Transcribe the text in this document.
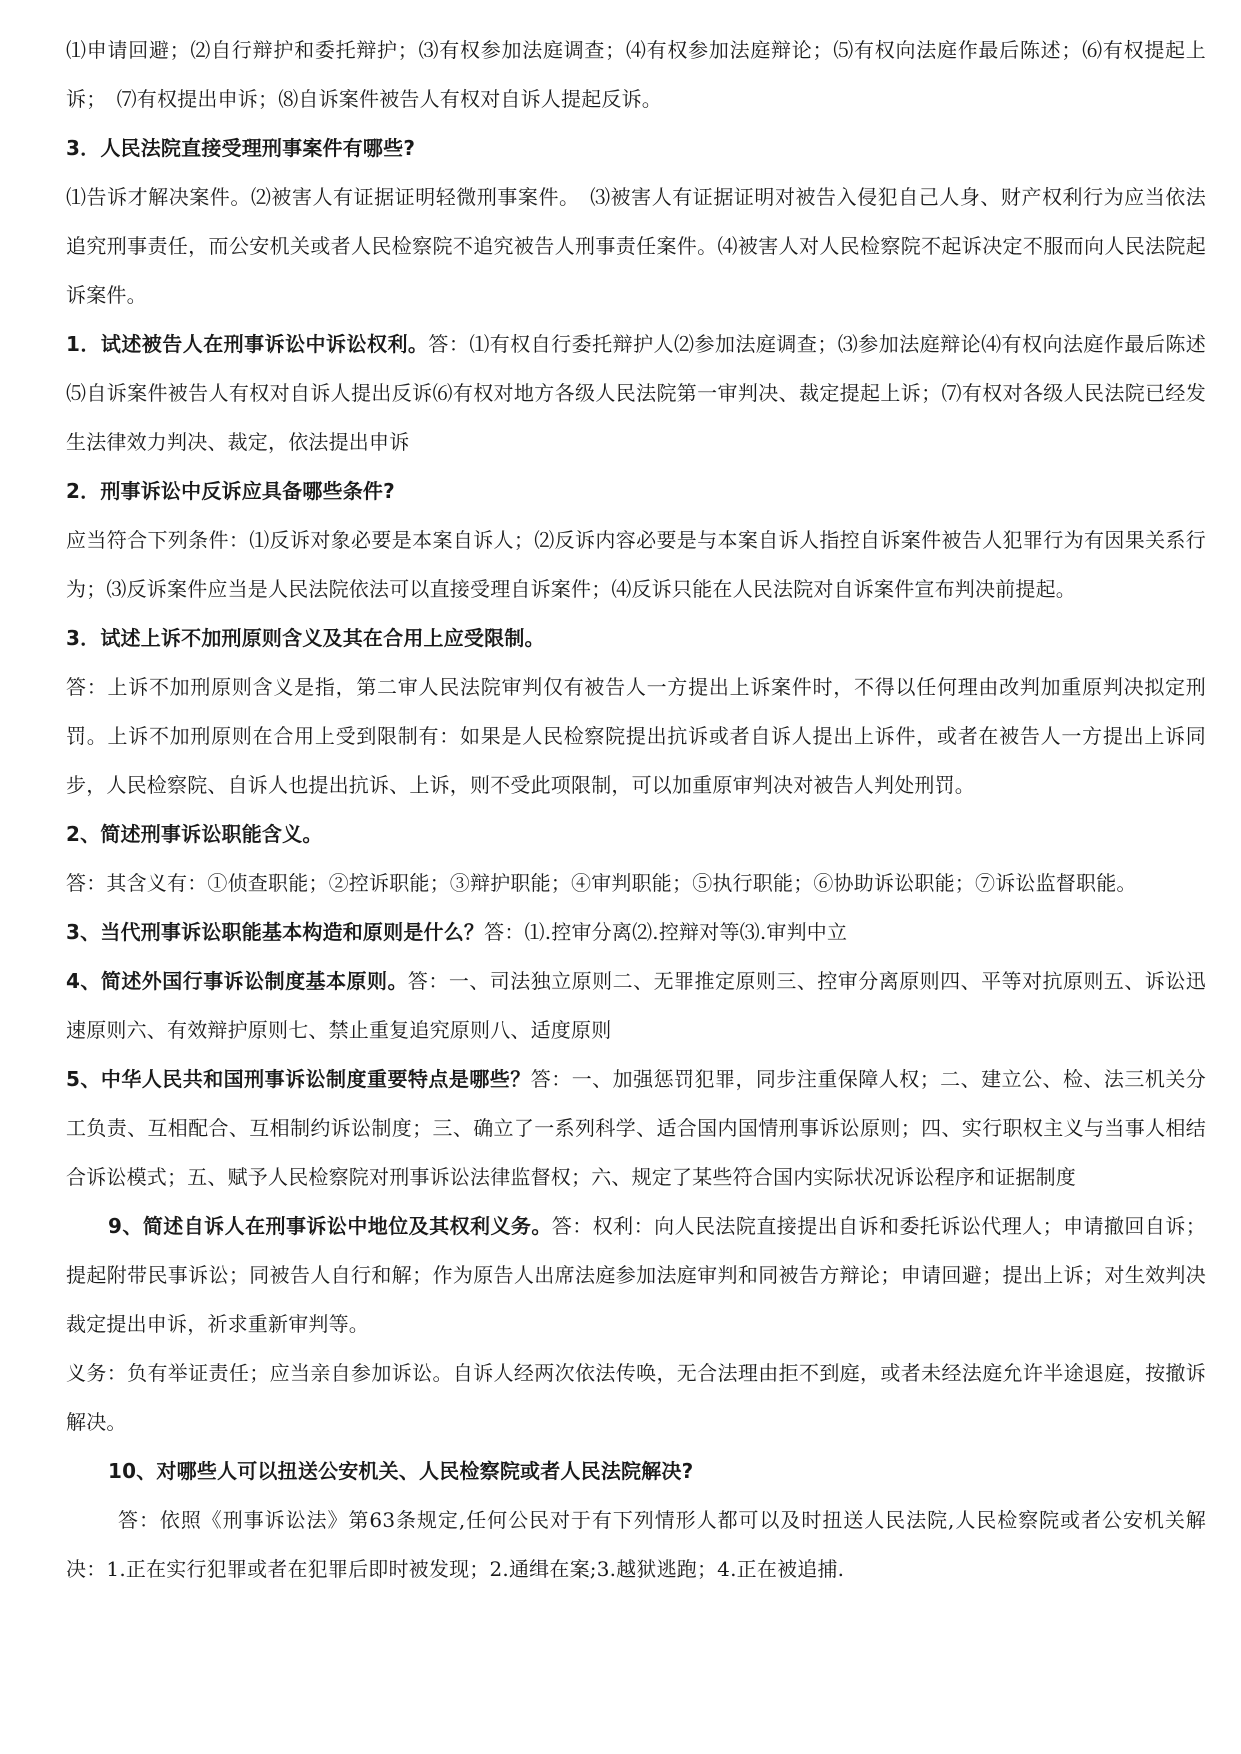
⑴申请回避；⑵自行辩护和委托辩护；⑶有权参加法庭调查；⑷有权参加法庭辩论；⑸有权向法庭作最后陈述；⑹有权提起上诉；　⑺有权提出申诉；⑻自诉案件被告人有权对自诉人提起反诉。

3．人民法院直接受理刑事案件有哪些?

⑴告诉才解决案件。⑵被害人有证据证明轻微刑事案件。　⑶被害人有证据证明对被告入侵犯自己人身、财产权利行为应当依法追究刑事责任，而公安机关或者人民检察院不追究被告人刑事责任案件。⑷被害人对人民检察院不起诉决定不服而向人民法院起诉案件。

1．试述被告人在刑事诉讼中诉讼权利。答：⑴有权自行委托辩护人⑵参加法庭调查；⑶参加法庭辩论⑷有权向法庭作最后陈述⑸自诉案件被告人有权对自诉人提出反诉⑹有权对地方各级人民法院第一审判决、裁定提起上诉；⑺有权对各级人民法院已经发生法律效力判决、裁定，依法提出申诉

2．刑事诉讼中反诉应具备哪些条件?

应当符合下列条件：⑴反诉对象必要是本案自诉人；⑵反诉内容必要是与本案自诉人指控自诉案件被告人犯罪行为有因果关系行为；⑶反诉案件应当是人民法院依法可以直接受理自诉案件；⑷反诉只能在人民法院对自诉案件宣布判决前提起。

3．试述上诉不加刑原则含义及其在合用上应受限制。

答：上诉不加刑原则含义是指，第二审人民法院审判仅有被告人一方提出上诉案件时，不得以任何理由改判加重原判决拟定刑罚。上诉不加刑原则在合用上受到限制有：如果是人民检察院提出抗诉或者自诉人提出上诉件，或者在被告人一方提出上诉同步，人民检察院、自诉人也提出抗诉、上诉，则不受此项限制，可以加重原审判决对被告人判处刑罚。

2、简述刑事诉讼职能含义。

答：其含义有：①侦查职能；②控诉职能；③辩护职能；④审判职能；⑤执行职能；⑥协助诉讼职能；⑦诉讼监督职能。

3、当代刑事诉讼职能基本构造和原则是什么？答：⑴.控审分离⑵.控辩对等⑶.审判中立

4、简述外国行事诉讼制度基本原则。答：一、司法独立原则二、无罪推定原则三、控审分离原则四、平等对抗原则五、诉讼迅速原则六、有效辩护原则七、禁止重复追究原则八、适度原则

5、中华人民共和国刑事诉讼制度重要特点是哪些？答：一、加强惩罚犯罪，同步注重保障人权；二、建立公、检、法三机关分工负责、互相配合、互相制约诉讼制度；三、确立了一系列科学、适合国内国情刑事诉讼原则；四、实行职权主义与当事人相结合诉讼模式；五、赋予人民检察院对刑事诉讼法律监督权；六、规定了某些符合国内实际状况诉讼程序和证据制度

9、简述自诉人在刑事诉讼中地位及其权利义务。答：权利：向人民法院直接提出自诉和委托诉讼代理人；申请撤回自诉；提起附带民事诉讼；同被告人自行和解；作为原告人出席法庭参加法庭审判和同被告方辩论；申请回避；提出上诉；对生效判决裁定提出申诉，祈求重新审判等。

义务：负有举证责任；应当亲自参加诉讼。自诉人经两次依法传唤，无合法理由拒不到庭，或者未经法庭允许半途退庭，按撤诉解决。

10、对哪些人可以扭送公安机关、人民检察院或者人民法院解决?

答：依照《刑事诉讼法》第63条规定,任何公民对于有下列情形人都可以及时扭送人民法院,人民检察院或者公安机关解决：1.正在实行犯罪或者在犯罪后即时被发现；2.通缉在案;3.越狱逃跑；4.正在被追捕.
